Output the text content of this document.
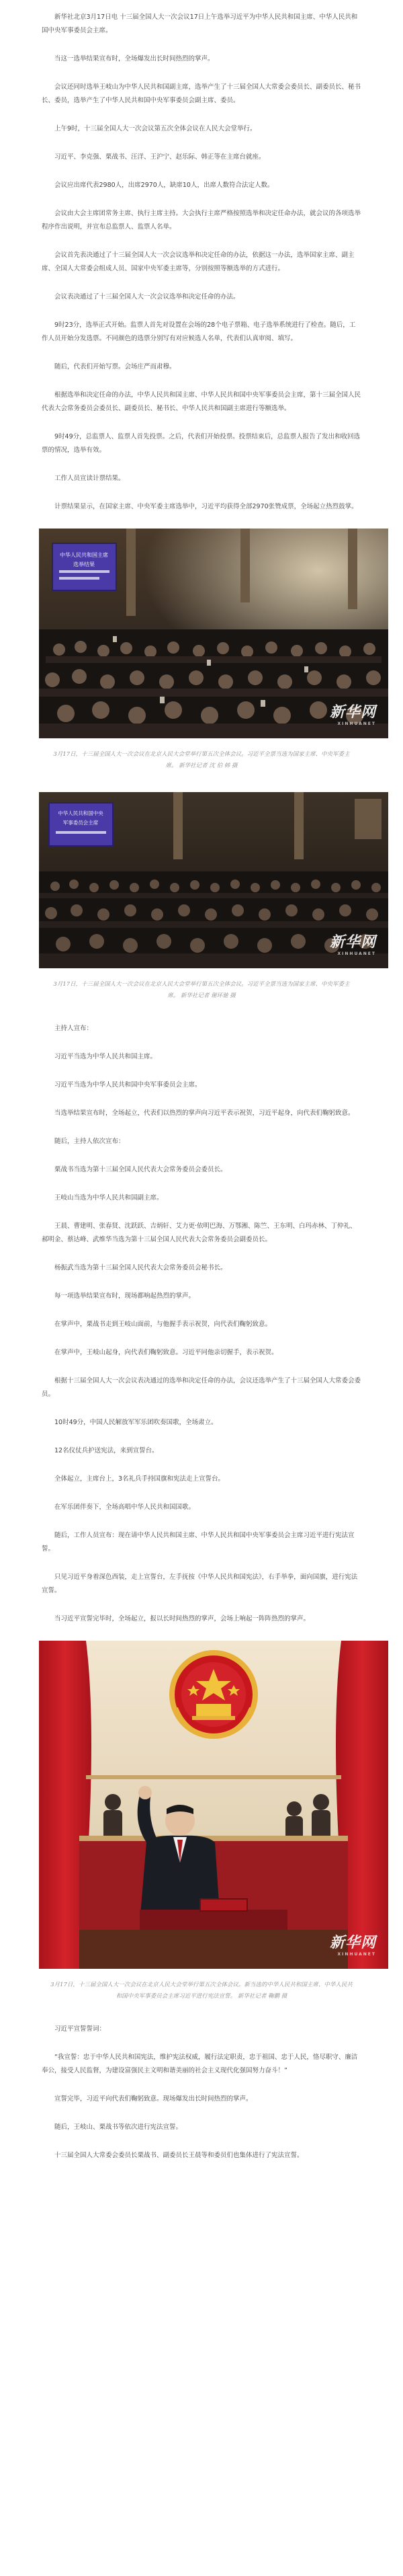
新华社北京3月17日电 十三届全国人大一次会议17日上午选举习近平为中华人民共和国主席、中华人民共和国中央军事委员会主席。

当这一选举结果宣布时，全场爆发出长时间热烈的掌声。

会议还同时选举王岐山为中华人民共和国副主席，选举产生了十三届全国人大常委会委员长、副委员长、秘书长、委员，选举产生了中华人民共和国中央军事委员会副主席、委员。

上午9时，十三届全国人大一次会议第五次全体会议在人民大会堂举行。

习近平、李克强、栗战书、汪洋、王沪宁、赵乐际、韩正等在主席台就座。

会议应出席代表2980人，出席2970人，缺席10人，出席人数符合法定人数。

会议由大会主席团常务主席、执行主席主持。大会执行主席严格按照选举和决定任命办法，就会议的各项选举程序作出说明，并宣布总监票人、监票人名单。

会议首先表决通过了十三届全国人大一次会议选举和决定任命的办法，依据这一办法，选举国家主席、副主席、全国人大常委会组成人员、国家中央军委主席等，分别按照等额选举的方式进行。

会议表决通过了十三届全国人大一次会议选举和决定任命的办法。

9时23分，选举正式开始。监票人首先对设置在会场的28个电子票箱、电子选举系统进行了检查。随后，工作人员开始分发选票。不同颜色的选票分别写有对应候选人名单，代表们认真审阅、填写。

随后，代表们开始写票。会场庄严而肃穆。

根据选举和决定任命的办法，中华人民共和国主席、中华人民共和国中央军事委员会主席，第十三届全国人民代表大会常务委员会委员长、副委员长、秘书长、中华人民共和国副主席进行等额选举。

9时49分，总监票人、监票人首先投票。之后，代表们开始投票。投票结束后，总监票人报告了发出和收回选票的情况，选举有效。

工作人员宣读计票结果。

计票结果显示，在国家主席、中央军委主席选举中，习近平均获得全部2970张赞成票，全场起立热烈鼓掌。

中华人民共和国主席
选举结果
新华网
XINHUANET

3月17日，十三届全国人大一次会议在北京人民大会堂举行第五次全体会议。习近平全票当选为国家主席、中央军委主席。 新华社记者 沈 伯 韩 摄

中华人民共和国中央
军事委员会主席
新华网
XINHUANET

3月17日，十三届全国人大一次会议在北京人民大会堂举行第五次全体会议。习近平全票当选为国家主席、中央军委主席。 新华社记者 谢环驰 摄

主持人宣布：

习近平当选为中华人民共和国主席。

习近平当选为中华人民共和国中央军事委员会主席。

当选举结果宣布时，全场起立，代表们以热烈的掌声向习近平表示祝贺，习近平起身，向代表们鞠躬致意。

随后，主持人依次宣布：

栗战书当选为第十三届全国人民代表大会常务委员会委员长。

王岐山当选为中华人民共和国副主席。

王晨、曹建明、张春贤、沈跃跃、吉炳轩、艾力更·依明巴海、万鄂湘、陈竺、王东明、白玛赤林、丁仲礼、郝明金、蔡达峰、武维华当选为第十三届全国人民代表大会常务委员会副委员长。

杨振武当选为第十三届全国人民代表大会常务委员会秘书长。

每一项选举结果宣布时，现场都响起热烈的掌声。

在掌声中，栗战书走到王岐山面前，与他握手表示祝贺，向代表们鞠躬致意。

在掌声中，王岐山起身，向代表们鞠躬致意。习近平同他亲切握手，表示祝贺。

根据十三届全国人大一次会议表决通过的选举和决定任命的办法，会议还选举产生了十三届全国人大常委会委员。

10时49分，中国人民解放军军乐团吹奏国歌，全场肃立。

12名仪仗兵护送宪法，来到宣誓台。

全体起立，主席台上，3名礼兵手持国旗和宪法走上宣誓台。

在军乐团伴奏下，全场高唱中华人民共和国国歌。

随后，工作人员宣布：现在请中华人民共和国主席、中华人民共和国中央军事委员会主席习近平进行宪法宣誓。

只见习近平身着深色西装，走上宣誓台，左手抚按《中华人民共和国宪法》，右手举拳，面向国旗，进行宪法宣誓。

当习近平宣誓完毕时，全场起立，报以长时间热烈的掌声，会场上响起一阵阵热烈的掌声。

新华网
XINHUANET

3月17日，十三届全国人大一次会议在北京人民大会堂举行第五次全体会议。新当选的中华人民共和国主席、中华人民共和国中央军事委员会主席习近平进行宪法宣誓。 新华社记者 鞠鹏 摄

习近平宣誓誓词：

“我宣誓：忠于中华人民共和国宪法，维护宪法权威，履行法定职责，忠于祖国、忠于人民，恪尽职守、廉洁奉公，接受人民监督，为建设富强民主文明和谐美丽的社会主义现代化强国努力奋斗！”

宣誓完毕，习近平向代表们鞠躬致意。现场爆发出长时间热烈的掌声。

随后，王岐山、栗战书等依次进行宪法宣誓。

十三届全国人大常委会委员长栗战书、副委员长王晨等和委员们也集体进行了宪法宣誓。
